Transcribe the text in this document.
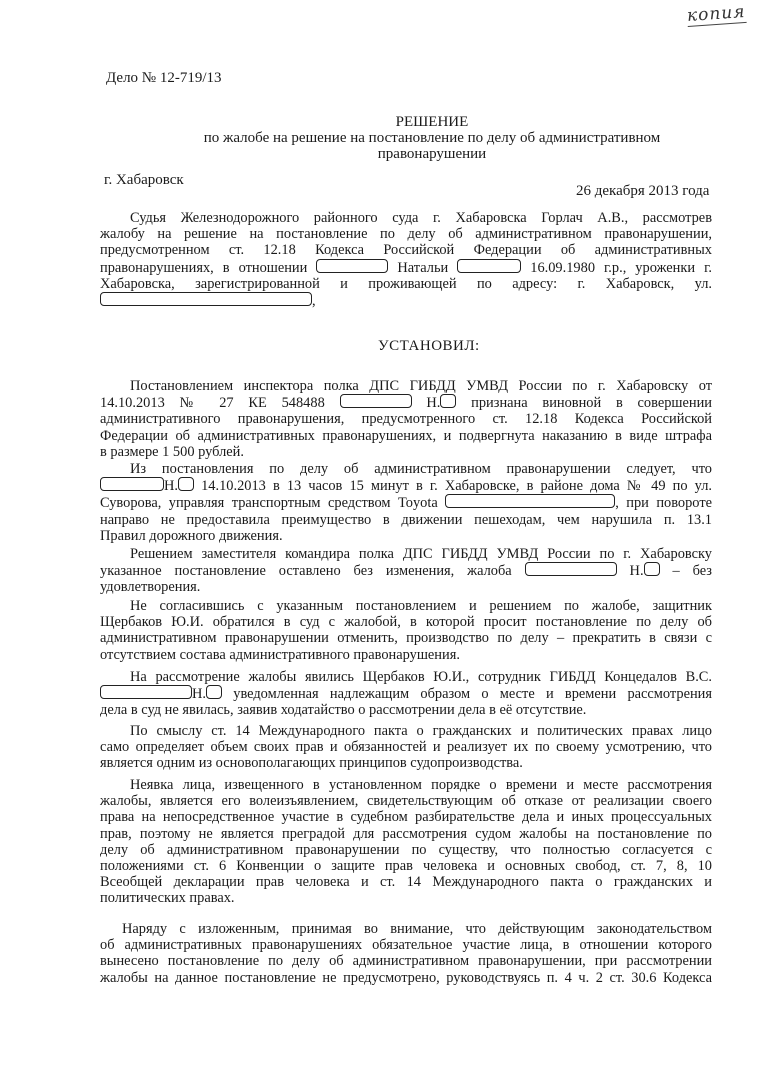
копия
Дело № 12-719/13
РЕШЕНИЕ
по жалобе на решение на постановление по делу об административном
правонарушении
г. Хабаровск
26 декабря 2013 года
Судья Железнодорожного районного суда г. Хабаровска Горлач А.В., рассмотрев
жалобу на решение на постановление по делу об административном правонарушении,
предусмотренном ст. 12.18 Кодекса Российской Федерации об административных
правонарушениях, в отношении	Натальи	16.09.1980 г.р., уроженки г.
Хабаровска, зарегистрированной и проживающей по адресу: г. Хабаровск, ул.
,
УСТАНОВИЛ:
Постановлением инспектора полка ДПС ГИБДД УМВД России по г. Хабаровску от
14.10.2013 № 27 КЕ 548488	Н. признана виновной в совершении
административного правонарушения, предусмотренного ст. 12.18 Кодекса Российской
Федерации об административных правонарушениях, и подвергнута наказанию в виде штрафа
в размере 1 500 рублей.
Из постановления по делу об административном правонарушении следует, что
Н. 14.10.2013 в 13 часов 15 минут в г. Хабаровске, в районе дома № 49 по ул.
Суворова, управляя транспортным средством Toyota	, при повороте
направо не предоставила преимущество в движении пешеходам, чем нарушила п. 13.1
Правил дорожного движения.
Решением заместителя командира полка ДПС ГИБДД УМВД России по г. Хабаровску
указанное постановление оставлено без изменения, жалоба	Н. – без
удовлетворения.
Не согласившись с указанным постановлением и решением по жалобе, защитник
Щербаков Ю.И. обратился в суд с жалобой, в которой просит постановление по делу об
административном правонарушении отменить, производство по делу – прекратить в связи с
отсутствием состава административного правонарушения.
На рассмотрение жалобы явились Щербаков Ю.И., сотрудник ГИБДД Концедалов В.С.
Н. уведомленная надлежащим образом о месте и времени рассмотрения
дела в суд не явилась, заявив ходатайство о рассмотрении дела в её отсутствие.
По смыслу ст. 14 Международного пакта о гражданских и политических правах лицо
само определяет объем своих прав и обязанностей и реализует их по своему усмотрению, что
является одним из основополагающих принципов судопроизводства.
Неявка лица, извещенного в установленном порядке о времени и месте рассмотрения
жалобы, является его волеизъявлением, свидетельствующим об отказе от реализации своего
права на непосредственное участие в судебном разбирательстве дела и иных процессуальных
прав, поэтому не является преградой для рассмотрения судом жалобы на постановление по
делу об административном правонарушении по существу, что полностью согласуется с
положениями ст. 6 Конвенции о защите прав человека и основных свобод, ст. 7, 8, 10
Всеобщей декларации прав человека и ст. 14 Международного пакта о гражданских и
политических правах.
Наряду с изложенным, принимая во внимание, что действующим законодательством
об административных правонарушениях обязательное участие лица, в отношении которого
вынесено постановление по делу об административном правонарушении, при рассмотрении
жалобы на данное постановление не предусмотрено, руководствуясь п. 4 ч. 2 ст. 30.6 Кодекса
